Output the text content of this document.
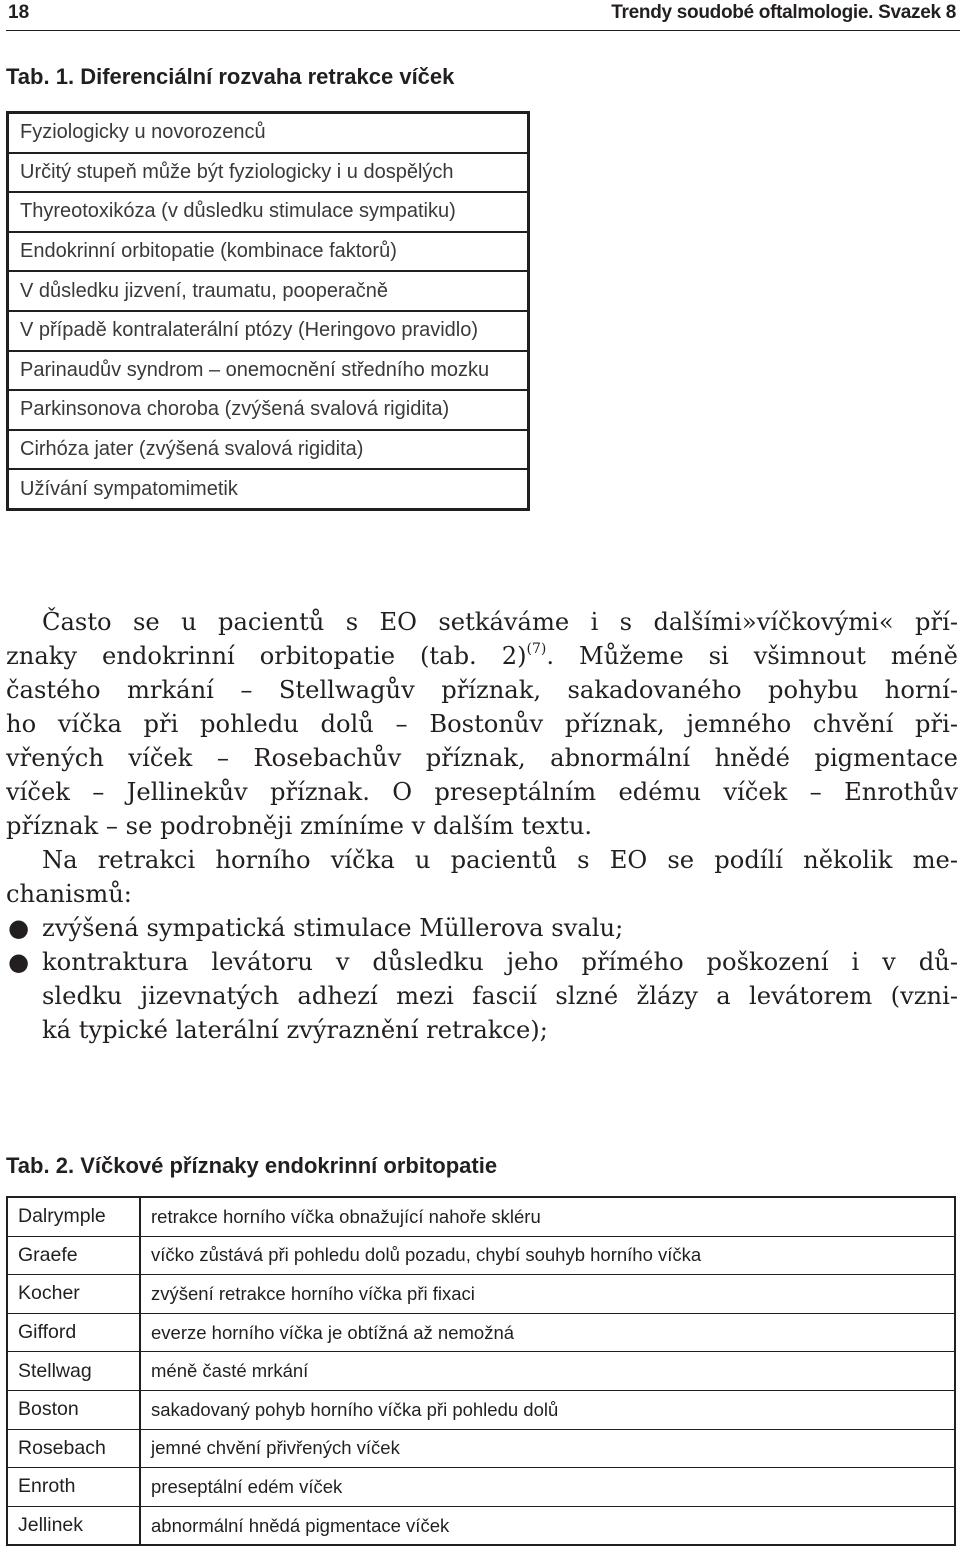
18	Trendy soudobé oftalmologie. Svazek 8
Tab. 1. Diferenciální rozvaha retrakce víček
Fyziologicky u novorozenců
Určitý stupeň může být fyziologicky i u dospělých
Thyreotoxikóza (v důsledku stimulace sympatiku)
Endokrinní orbitopatie (kombinace faktorů)
V důsledku jizvení, traumatu, pooperačně
V případě kontralaterální ptózy (Heringovo pravidlo)
Parinaudův syndrom – onemocnění středního mozku
Parkinsonova choroba (zvýšená svalová rigidita)
Cirhóza jater (zvýšená svalová rigidita)
Užívání sympatomimetik
Často se u pacientů s EO setkáváme i s dalšími»víčkovými« pří-
znaky endokrinní orbitopatie (tab. 2)$^{(7)}$. Můžeme si všimnout méně
častého mrkání – Stellwagův příznak, sakadovaného pohybu horní-
ho víčka při pohledu dolů – Bostonův příznak, jemného chvění při-
vřených víček – Rosebachův příznak, abnormální hnědé pigmentace
víček – Jellinekův příznak. O preseptálním edému víček – Enrothův
příznak – se podrobněji zmíníme v dalším textu.
Na retrakci horního víčka u pacientů s EO se podílí několik me-
chanismů:
● zvýšená sympatická stimulace Müllerova svalu;
● kontraktura levátoru v důsledku jeho přímého poškození i v dů-
sledku jizevnatých adhezí mezi fascií slzné žlázy a levátorem (vzni-
ká typické laterální zvýraznění retrakce);
Tab. 2. Víčkové příznaky endokrinní orbitopatie
Dalrymple	retrakce horního víčka obnažující nahoře skléru
Graefe	víčko zůstává při pohledu dolů pozadu, chybí souhyb horního víčka
Kocher	zvýšení retrakce horního víčka při fixaci
Gifford	everze horního víčka je obtížná až nemožná
Stellwag	méně časté mrkání
Boston	sakadovaný pohyb horního víčka při pohledu dolů
Rosebach	jemné chvění přivřených víček
Enroth	preseptální edém víček
Jellinek	abnormální hnědá pigmentace víček
